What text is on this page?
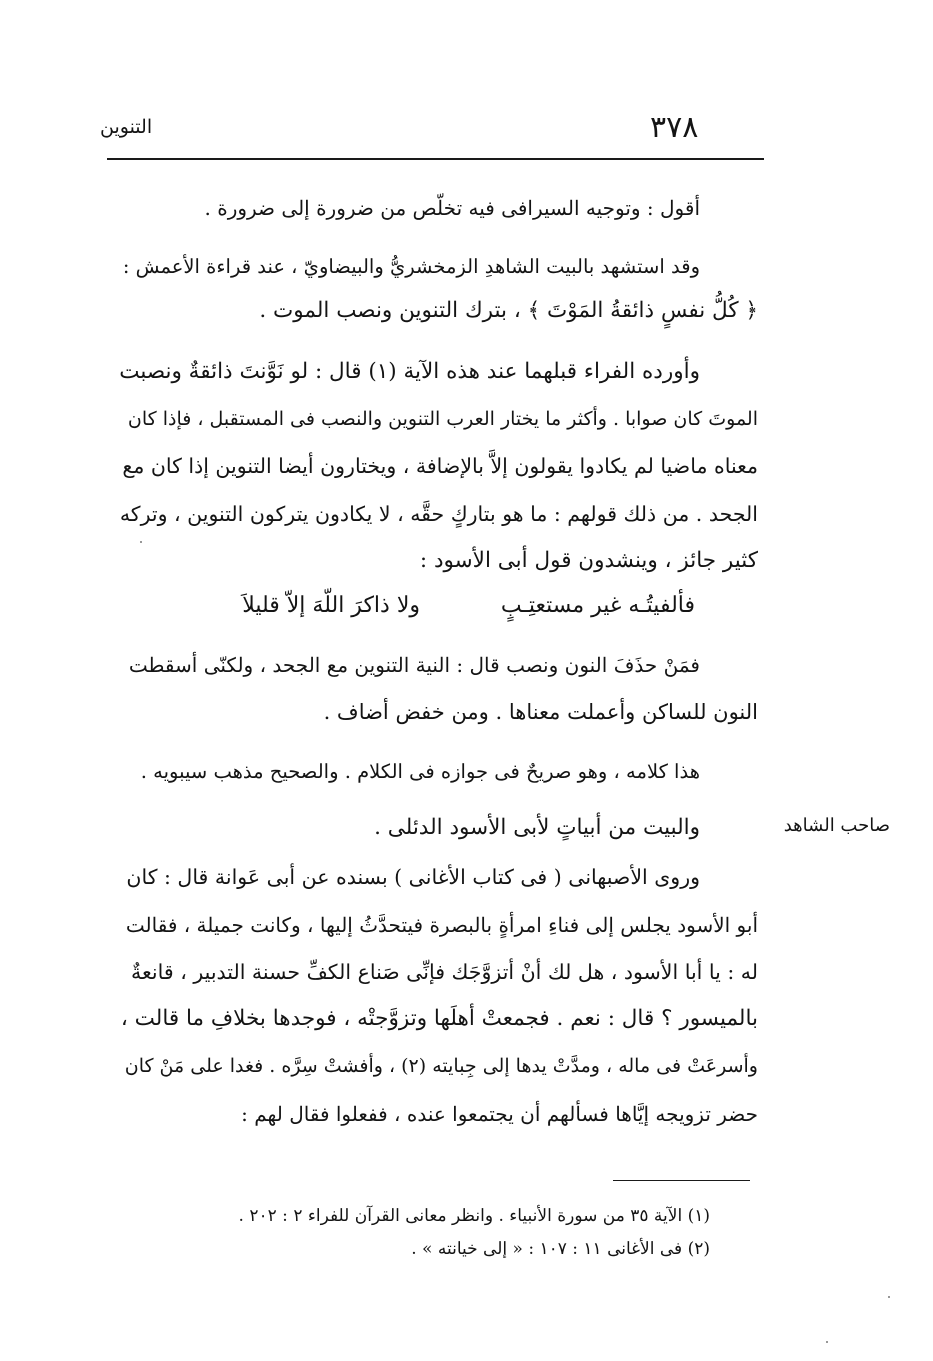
التنوين	٣٧٨
أقول : وتوجيه السيرافى فيه تخلّص من ضرورة إلى ضرورة .
وقد استشهد بالبيت الشاهدِ الزمخشريُّ والبيضاويّ ، عند قراءة الأعمش :
﴿ كُلُّ نفسٍ ذائقةُ المَوْتَ ﴾ ، بترك التنوين ونصب الموت .
وأورده الفراء قبلهما عند هذه الآية (١) قال : لو نَوَّنتَ ذائقةٌ ونصبت
الموتَ كان صوابا . وأكثر ما يختار العرب التنوين والنصب فى المستقبل ، فإذا كان
معناه ماضيا لم يكادوا يقولون إلاَّ بالإضافة ، ويختارون أيضا التنوين إذا كان مع
الجحد . من ذلك قولهم : ما هو بتاركٍ حقَّه ، لا يكادون يتركون التنوين ، وتركه
كثير جائز ، وينشدون قول أبى الأسود :
فألفيتُـه غير مستعتِـبٍ
ولا ذاكرَ اللّهَ إلاّ قليلاَ
فمَنْ حذَفَ النون ونصب قال : النية التنوين مع الجحد ، ولكنّى أسقطت
النون للساكن وأعملت معناها . ومن خفض أضاف .
هذا كلامه ، وهو صريحٌ فى جوازه فى الكلام . والصحيح مذهب سيبويه .
والبيت من أبياتٍ لأبى الأسود الدئلى .	صاحب الشاهد
وروى الأصبهانى ( فى كتاب الأغانى ) بسنده عن أبى عَوانة قال : كان
أبو الأسود يجلس إلى فناءِ امرأةٍ بالبصرة فيتحدَّثُ إليها ، وكانت جميلة ، فقالت
له : يا أبا الأسود ، هل لك أنْ أتزوَّجَك فإنِّى صَناع الكفِّ حسنة التدبير ، قانعةٌ
بالميسور ؟ قال : نعم . فجمعتْ أهلَها وتزوَّجتْه ، فوجدها بخلافِ ما قالت ،
وأسرعَتْ فى ماله ، ومدَّتْ يدها إلى جِبايته (٢) ، وأفشتْ سِرَّه . فغدا على مَنْ كان
حضر تزويجه إيَّاها فسألهم أن يجتمعوا عنده ، ففعلوا فقال لهم :
(١) الآية ٣٥ من سورة الأنبياء . وانظر معانى القرآن للفراء ٢ : ٢٠٢ .
(٢) فى الأغانى ١١ : ١٠٧ : « إلى خيانته » .
